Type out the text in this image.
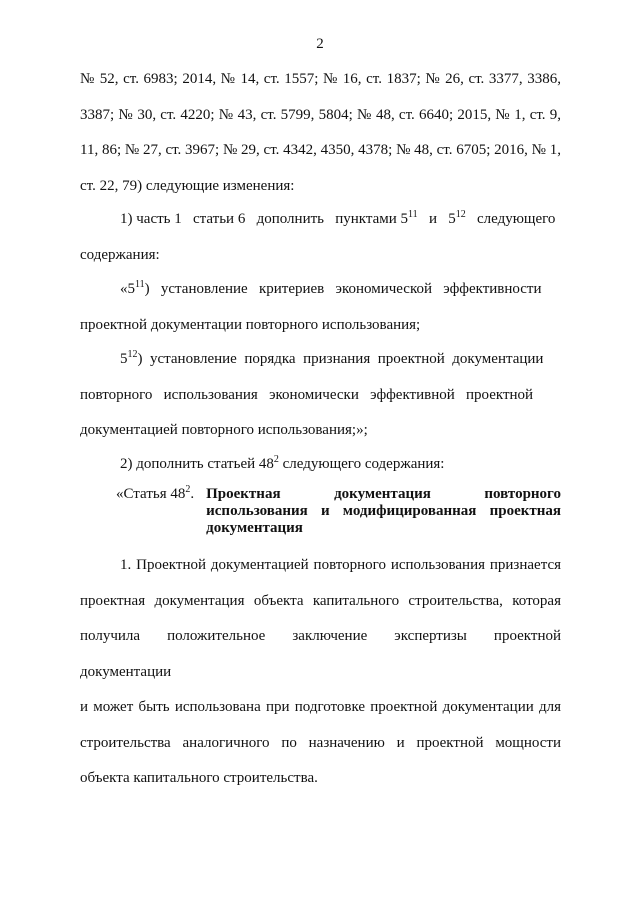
2
№ 52, ст. 6983; 2014, № 14, ст. 1557; № 16, ст. 1837; № 26, ст. 3377, 3386,
3387; № 30, ст. 4220; № 43, ст. 5799, 5804; № 48, ст. 6640; 2015, № 1, ст. 9,
11, 86; № 27, ст. 3967; № 29, ст. 4342, 4350, 4378; № 48, ст. 6705; 2016, № 1,
ст. 22, 79) следующие изменения:
1) часть 1   статьи 6   дополнить   пунктами $5^{11}$   и   $5^{12}$   следующего
содержания:
«$5^{11}$)   установление   критериев   экономической   эффективности
проектной документации повторного использования;
$5^{12}$)  установление  порядка  признания  проектной  документации
повторного   использования   экономически   эффективной   проектной
документацией повторного использования;»;
2) дополнить статьей $48^2$ следующего содержания:
«Статья $48^2$. Проектная документация повторного использования и модифицированная проектная документация
1. Проектной документацией повторного использования признается
проектная  документация  объекта  капитального  строительства,  которая
получила положительное заключение экспертизы проектной документации
и может быть использована при подготовке проектной документации для
строительства   аналогичного   по   назначению   и   проектной   мощности
объекта капитального строительства.
